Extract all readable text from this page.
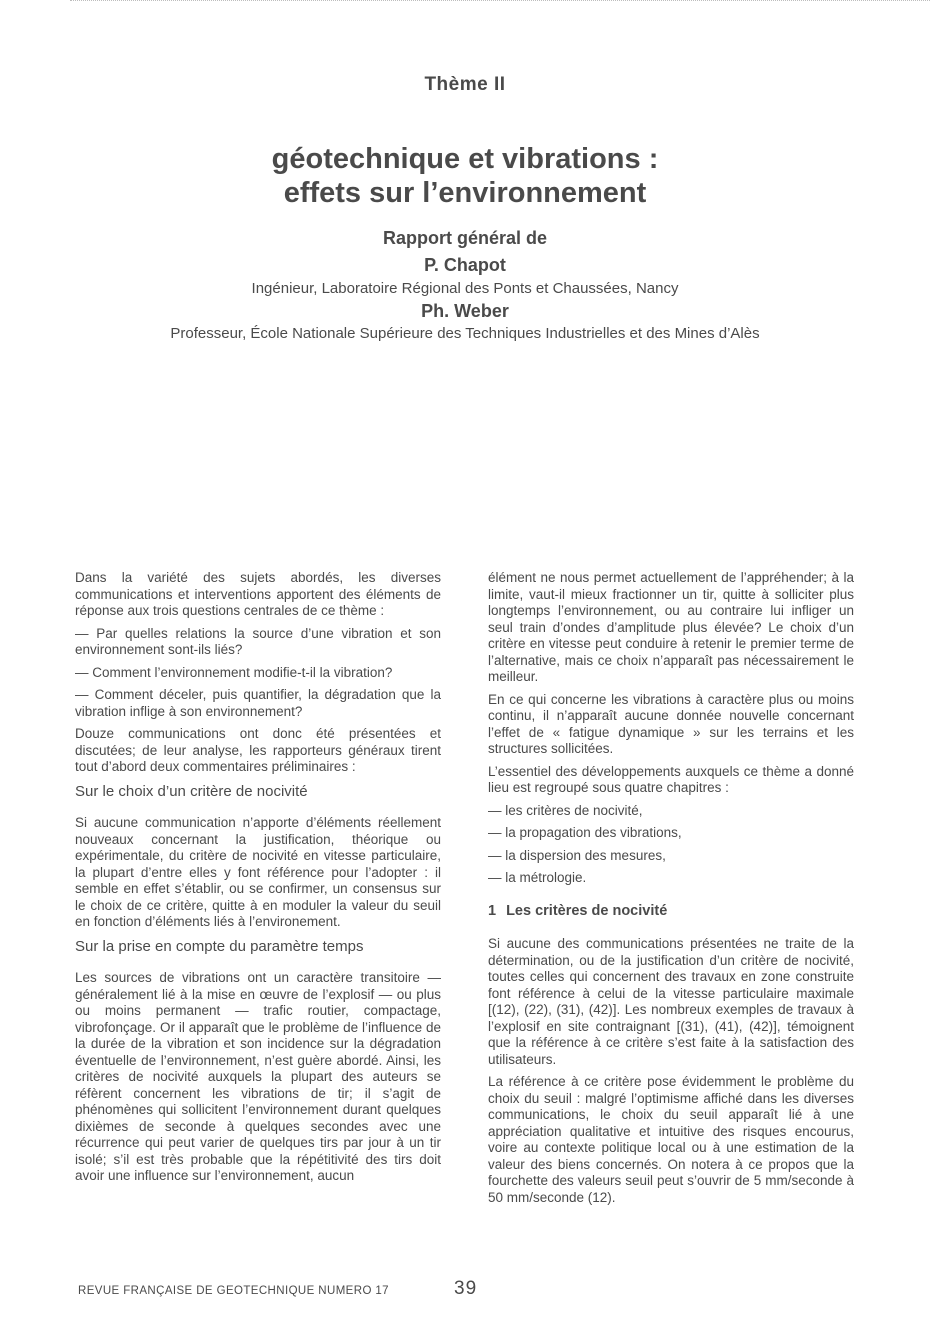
Thème II
géotechnique et vibrations :
effets sur l’environnement
Rapport général de
P. Chapot
Ingénieur, Laboratoire Régional des Ponts et Chaussées, Nancy
Ph. Weber
Professeur, École Nationale Supérieure des Techniques Industrielles et des Mines d’Alès

Dans la variété des sujets abordés, les diverses communications et interventions apportent des éléments de réponse aux trois questions centrales de ce thème :

— Par quelles relations la source d’une vibration et son environnement sont-ils liés?

— Comment l’environnement modifie-t-il la vibration?

— Comment déceler, puis quantifier, la dégradation que la vibration inflige à son environnement?

Douze communications ont donc été présentées et discutées; de leur analyse, les rapporteurs généraux tirent tout d’abord deux commentaires préliminaires :

Sur le choix d’un critère de nocivité

Si aucune communication n’apporte d’éléments réellement nouveaux concernant la justification, théorique ou expérimentale, du critère de nocivité en vitesse particulaire, la plupart d’entre elles y font référence pour l’adopter : il semble en effet s’établir, ou se confirmer, un consensus sur le choix de ce critère, quitte à en moduler la valeur du seuil en fonction d’éléments liés à l’environement.

Sur la prise en compte du paramètre temps

Les sources de vibrations ont un caractère transitoire — généralement lié à la mise en œuvre de l’explosif — ou plus ou moins permanent — trafic routier, compactage, vibrofonçage. Or il apparaît que le problème de l’influence de la durée de la vibration et son incidence sur la dégradation éventuelle de l’environnement, n’est guère abordé. Ainsi, les critères de nocivité auxquels la plupart des auteurs se réfèrent concernent les vibrations de tir; il s’agit de phénomènes qui sollicitent l’environnement durant quelques dixièmes de seconde à quelques secondes avec une récurrence qui peut varier de quelques tirs par jour à un tir isolé; s’il est très probable que la répétitivité des tirs doit avoir une influence sur l’environnement, aucun

élément ne nous permet actuellement de l’appréhender; à la limite, vaut-il mieux fractionner un tir, quitte à solliciter plus longtemps l’environnement, ou au contraire lui infliger un seul train d’ondes d’amplitude plus élevée? Le choix d’un critère en vitesse peut conduire à retenir le premier terme de l’alternative, mais ce choix n’apparaît pas nécessairement le meilleur.

En ce qui concerne les vibrations à caractère plus ou moins continu, il n’apparaît aucune donnée nouvelle concernant l’effet de « fatigue dynamique » sur les terrains et les structures sollicitées.

L’essentiel des développements auxquels ce thème a donné lieu est regroupé sous quatre chapitres :

— les critères de nocivité,

— la propagation des vibrations,

— la dispersion des mesures,

— la métrologie.

1 Les critères de nocivité

Si aucune des communications présentées ne traite de la détermination, ou de la justification d’un critère de nocivité, toutes celles qui concernent des travaux en zone construite font référence à celui de la vitesse particulaire maximale [(12), (22), (31), (42)]. Les nombreux exemples de travaux à l’explosif en site contraignant [(31), (41), (42)], témoignent que la référence à ce critère s’est faite à la satisfaction des utilisateurs.

La référence à ce critère pose évidemment le problème du choix du seuil : malgré l’optimisme affiché dans les diverses communications, le choix du seuil apparaît lié à une appréciation qualitative et intuitive des risques encourus, voire au contexte politique local ou à une estimation de la valeur des biens concernés. On notera à ce propos que la fourchette des valeurs seuil peut s’ouvrir de 5 mm/seconde à 50 mm/seconde (12).

REVUE FRANÇAISE DE GEOTECHNIQUE NUMERO 17	39
